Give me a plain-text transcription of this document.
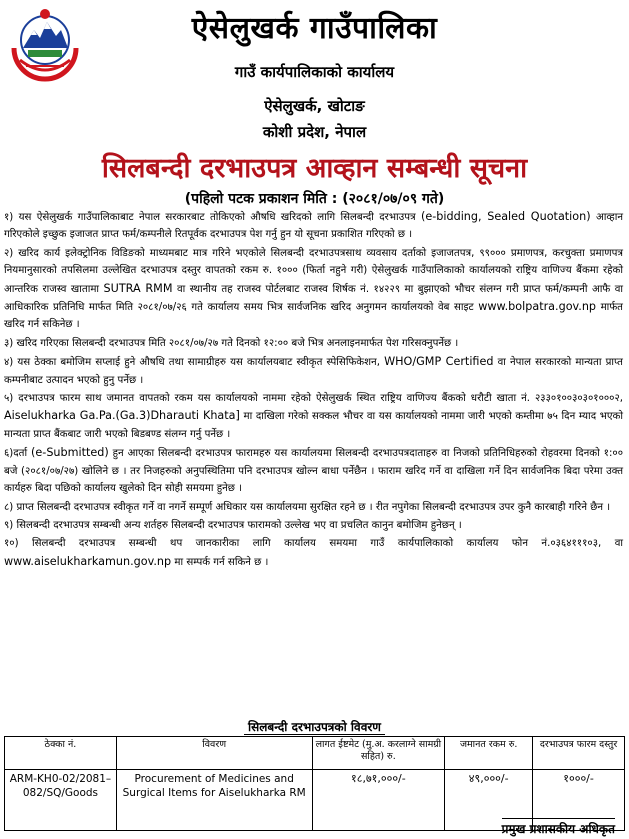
ऐसेलुखर्क गाउँपालिका
गाउँ कार्यपालिकाको कार्यालय
ऐसेलुखर्क, खोटाङ
कोशी प्रदेश, नेपाल
सिलबन्दी दरभाउपत्र आव्हान सम्बन्धी सूचना
(पहिलो पटक प्रकाशन मिति : (२०८१/०७/०९ गते)

१) यस ऐसेलुखर्क गाउँपालिकाबाट नेपाल सरकारबाट तोकिएको औषधि खरिदको लागि सिलबन्दी दरभाउपत्र (e-bidding, Sealed Quotation) आव्हान गरिएकोले इच्छुक इजाजत प्राप्त फर्म/कम्पनीले रितपूर्वक दरभाउपत्र पेश गर्नु हुन यो सूचना प्रकाशित गरिएको छ ।

२) खरिद कार्य इलेक्ट्रोनिक विडिङको माध्यमबाट मात्र गरिने भएकोले सिलबन्दी दरभाउपत्रसाथ व्यवसाय दर्ताको इजाजतपत्र, ९९००० प्रमाणपत्र, करचुक्ता प्रमाणपत्र नियमानुसारको तपसिलमा उल्लेखित दरभाउपत्र दस्तुर वापतको रकम रु. १००० (फिर्ता नहुने गरी) ऐसेलुखर्क गाउँपालिकाको कार्यालयको राष्ट्रिय वाणिज्य बैंकमा रहेको आन्तरिक राजस्व खातामा SUTRA RMM वा स्थानीय तह राजस्व पोर्टलबाट राजस्व शिर्षक नं. १४२२९ मा बुझाएको भौचर संलग्न गरी प्राप्त फर्म/कम्पनी आफै वा आधिकारिक प्रतिनिधि मार्फत मिति २०८१/०७/२६ गते कार्यालय समय भित्र सार्वजनिक खरिद अनुगमन कार्यालयको वेब साइट www.bolpatra.gov.np मार्फत खरिद गर्न सकिनेछ ।

३) खरिद गरिएका सिलबन्दी दरभाउपत्र मिति २०८१/०७/२७ गते दिनको १२:०० बजे भित्र अनलाइनमार्फत पेश गरिसक्नुपर्नेछ ।

४) यस ठेक्का बमोजिम सप्लाई हुने औषधि तथा सामाग्रीहरु यस कार्यालयबाट स्वीकृत स्पेसिफिकेशन, WHO/GMP Certified वा नेपाल सरकारको मान्यता प्राप्त कम्पनीबाट उत्पादन भएको हुनु पर्नेछ ।

५) दरभाउपत्र फारम साथ जमानत वापतको रकम यस कार्यालयको नाममा रहेको ऐसेलुखर्क स्थित राष्ट्रिय वाणिज्य बैंकको धरौटी खाता नं. २३३०१००३०३०१०००२, Aiselukharka Ga.Pa.(Ga.3)Dharauti Khata] मा दाखिला गरेको सक्कल भौचर वा यस कार्यालयको नाममा जारी भएको कम्तीमा ७५ दिन म्याद भएको मान्यता प्राप्त बैंकबाट जारी भएको बिडबण्ड संलग्न गर्नु पर्नेछ ।

६)दर्ता (e-Submitted) हुन आएका सिलबन्दी दरभाउपत्र फारामहरु यस कार्यालयमा सिलबन्दी दरभाउपत्रदाताहरु वा निजको प्रतिनिधिहरुको रोहवरमा दिनको १:०० बजे (२०८१/०७/२७) खोलिने छ । तर निजहरुको अनुपस्थितिमा पनि दरभाउपत्र खोल्न बाधा पर्नेछैन । फाराम खरिद गर्ने वा दाखिला गर्ने दिन सार्वजनिक बिदा परेमा उक्त कार्यहरु बिदा पछिको कार्यालय खुलेको दिन सोही समयमा हुनेछ ।

८) प्राप्त सिलबन्दी दरभाउपत्र स्वीकृत गर्ने वा नगर्ने सम्पूर्ण अधिकार यस कार्यालयमा सुरक्षित रहने छ । रीत नपुगेका सिलबन्दी दरभाउपत्र उपर कुनै कारबाही गरिने छैन ।

९) सिलबन्दी दरभाउपत्र सम्बन्धी अन्य शर्तहरु सिलबन्दी दरभाउपत्र फारामको उल्लेख भए वा प्रचलित कानुन बमोजिम हुनेछन् ।

१०) सिलबन्दी दरभाउपत्र सम्बन्धी थप जानकारीका लागि कार्यालय समयमा गाउँ कार्यपालिकाको कार्यालय फोन नं.०३६४१११०३, वा www.aiselukharkamun.gov.np मा सम्पर्क गर्न सकिने छ ।

सिलबन्दी दरभाउपत्रको विवरण
ठेक्का नं.	विवरण	लागत ईष्टमेट (मु.अ. करलाग्ने सामग्री सहित) रु.	जमानत रकम रु.	दरभाउपत्र फारम दस्तुर
ARM-KH0-02/2081–082/SQ/Goods	Procurement of Medicines and Surgical Items for Aiselukharka RM	१८,७१,०००/-	४९,०००/-	१०००/-
प्रमुख प्रशासकीय अधिकृत
